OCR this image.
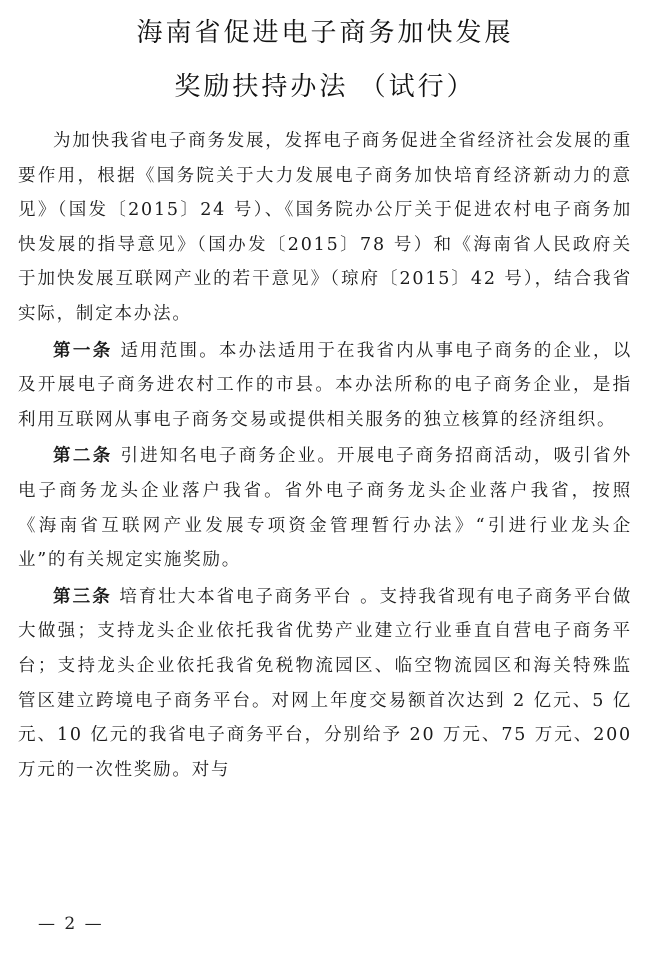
海南省促进电子商务加快发展
奖励扶持办法 （试行）

为加快我省电子商务发展，发挥电子商务促进全省经济社会发展的重要作用，根据《国务院关于大力发展电子商务加快培育经济新动力的意见》（国发〔2015〕24 号）、《国务院办公厅关于促进农村电子商务加快发展的指导意见》（国办发〔2015〕78 号）和《海南省人民政府关于加快发展互联网产业的若干意见》（琼府〔2015〕42 号），结合我省实际，制定本办法。

第一条 适用范围。本办法适用于在我省内从事电子商务的企业，以及开展电子商务进农村工作的市县。本办法所称的电子商务企业，是指利用互联网从事电子商务交易或提供相关服务的独立核算的经济组织。

第二条 引进知名电子商务企业。开展电子商务招商活动，吸引省外电子商务龙头企业落户我省。省外电子商务龙头企业落户我省，按照《海南省互联网产业发展专项资金管理暂行办法》“引进行业龙头企业”的有关规定实施奖励。

第三条 培育壮大本省电子商务平台 。支持我省现有电子商务平台做大做强；支持龙头企业依托我省优势产业建立行业垂直自营电子商务平台；支持龙头企业依托我省免税物流园区、临空物流园区和海关特殊监管区建立跨境电子商务平台。对网上年度交易额首次达到 2 亿元、5 亿元、10 亿元的我省电子商务平台，分别给予 20 万元、75 万元、200 万元的一次性奖励。对与

— 2 —
